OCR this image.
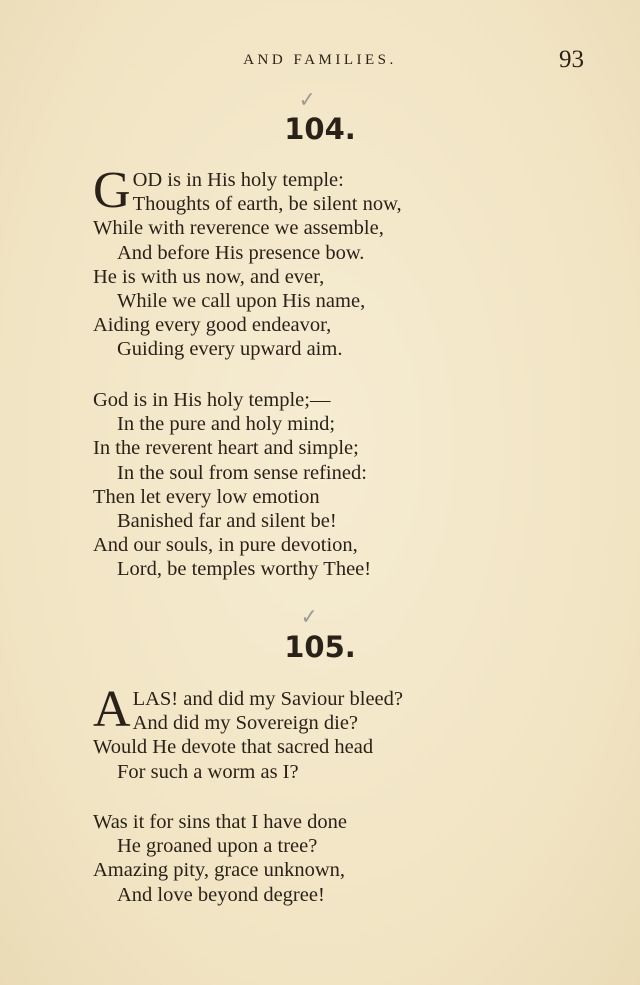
AND FAMILIES.	93
✓
104.
G OD is in His holy temple:
Thoughts of earth, be silent now,
While with reverence we assemble,
And before His presence bow.
He is with us now, and ever,
While we call upon His name,
Aiding every good endeavor,
Guiding every upward aim.
God is in His holy temple;—
In the pure and holy mind;
In the reverent heart and simple;
In the soul from sense refined:
Then let every low emotion
Banished far and silent be!
And our souls, in pure devotion,
Lord, be temples worthy Thee!
✓
105.
A LAS! and did my Saviour bleed?
And did my Sovereign die?
Would He devote that sacred head
For such a worm as I?
Was it for sins that I have done
He groaned upon a tree?
Amazing pity, grace unknown,
And love beyond degree!
